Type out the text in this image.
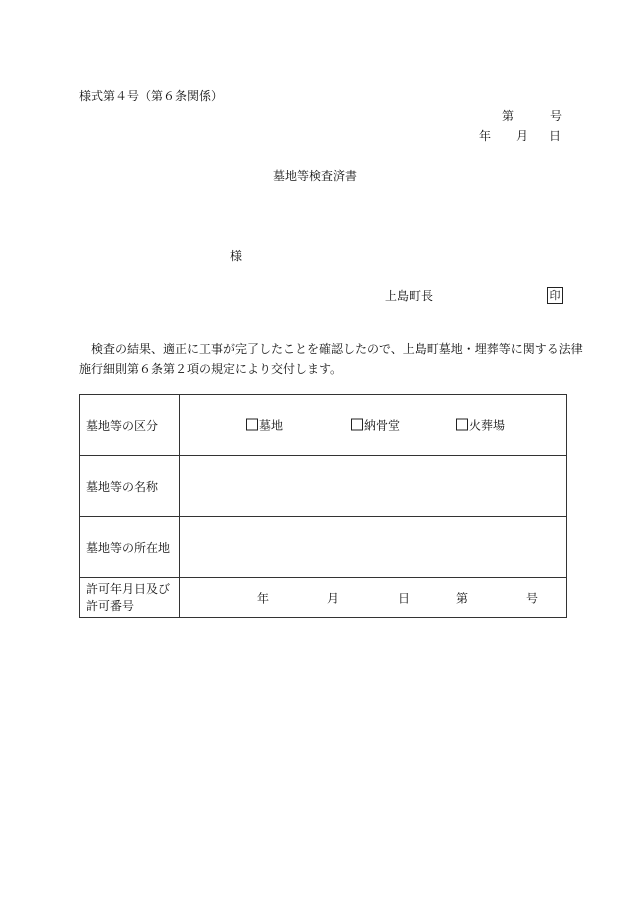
様式第４号（第６条関係）
第	号
年 月 日
墓地等検査済書
様
上島町長	印
　検査の結果、適正に工事が完了したことを確認したので、上島町墓地・埋葬等に関する法律
施行細則第６条第２項の規定により交付します。
墓地等の区分	墓地 納骨堂 火葬場

墓地等の名称	
墓地等の所在地	

許可年月日及び
許可番号	年 月 日 第 号
